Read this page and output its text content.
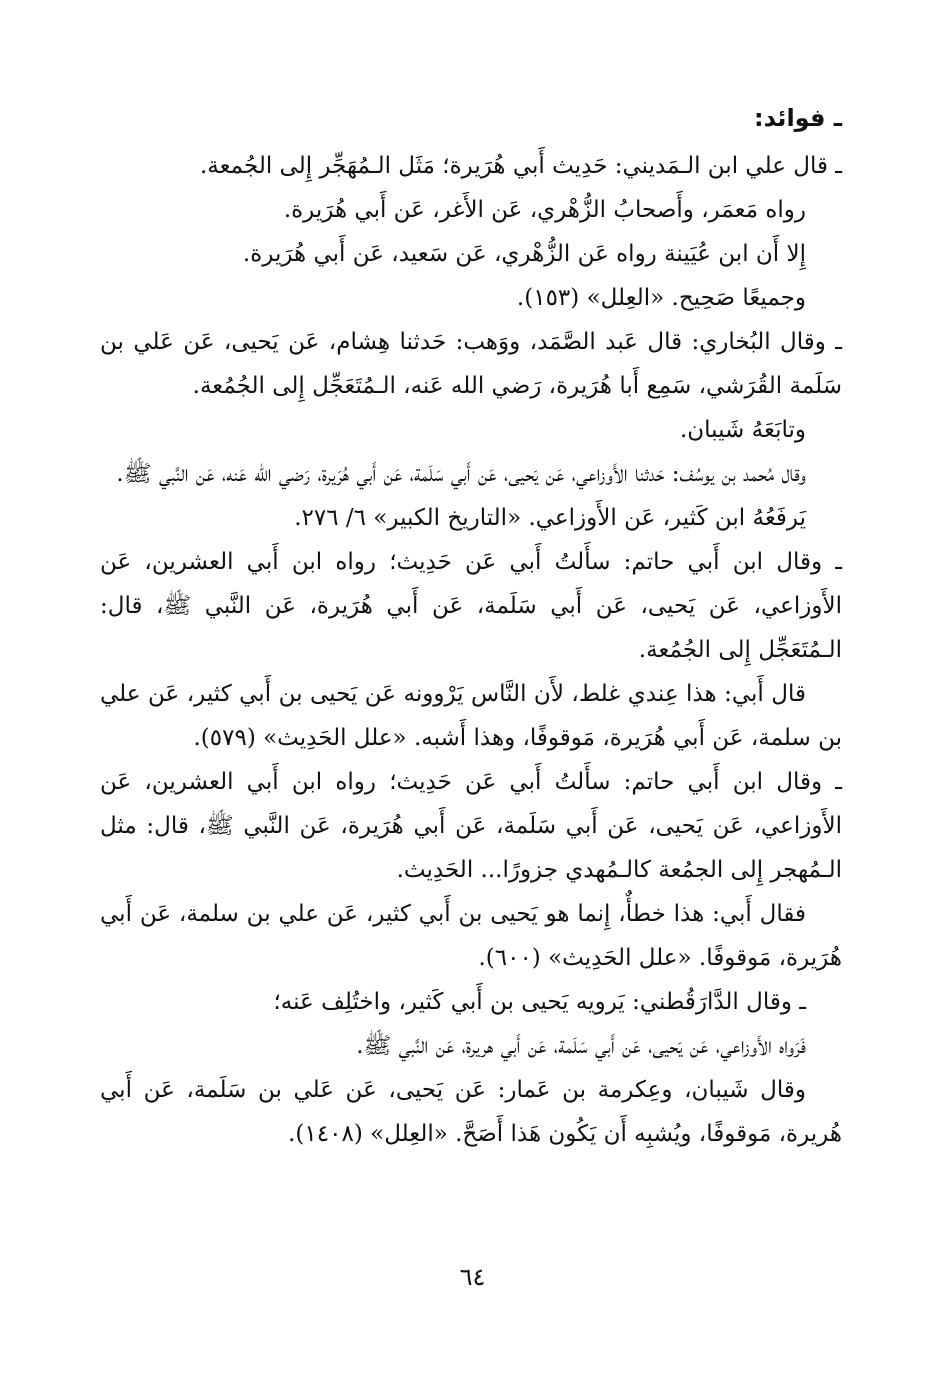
ـ فوائد:

ـ قال علي ابن الـمَديني: حَدِيث أَبي هُرَيرة؛ مَثَل الـمُهَجِّر إِلى الجُمعة.

رواه مَعمَر، وأَصحابُ الزُّهْري، عَن الأَغر، عَن أَبي هُرَيرة.

إِلا أَن ابن عُيَينة رواه عَن الزُّهْري، عَن سَعيد، عَن أَبي هُرَيرة.

وجميعًا صَحِيح. «العِلل» (١٥٣).

ـ وقال البُخاري: قال عَبد الصَّمَد، ووَهب: حَدثنا هِشام، عَن يَحيى، عَن عَلي بن سَلَمة القُرَشي، سَمِع أَبا هُرَيرة، رَضي الله عَنه، الـمُتَعَجِّل إِلى الجُمُعة.

وتابَعَهُ شَيبان.

وقال مُحمد بن يوسُف: حَدثنا الأَوزاعي، عَن يَحيى، عَن أَبي سَلَمة، عَن أَبي هُرَيرة، رَضي الله عَنه، عَن النَّبي ﷺ.

يَرفَعُهُ ابن كَثير، عَن الأَوزاعي. «التاريخ الكبير» ٦/ ٢٧٦.

ـ وقال ابن أَبي حاتم: سأَلتُ أَبي عَن حَدِيث؛ رواه ابن أَبي العشرين، عَن الأَوزاعي، عَن يَحيى، عَن أَبي سَلَمة، عَن أَبي هُرَيرة، عَن النَّبي ﷺ، قال: الـمُتَعَجِّل إِلى الجُمُعة.

قال أَبي: هذا عِندي غلط، لأَن النَّاس يَرْوونه عَن يَحيى بن أَبي كثير، عَن علي بن سلمة، عَن أَبي هُرَيرة، مَوقوفًا، وهذا أَشبه. «علل الحَدِيث» (٥٧٩).

ـ وقال ابن أَبي حاتم: سأَلتُ أَبي عَن حَدِيث؛ رواه ابن أَبي العشرين، عَن الأَوزاعي، عَن يَحيى، عَن أَبي سَلَمة، عَن أَبي هُرَيرة، عَن النَّبي ﷺ، قال: مثل الـمُهجر إِلى الجمُعة كالـمُهدي جزورًا... الحَدِيث.

فقال أَبي: هذا خطأٌ، إِنما هو يَحيى بن أَبي كثير، عَن علي بن سلمة، عَن أَبي هُرَيرة، مَوقوفًا. «علل الحَدِيث» (٦٠٠).

ـ وقال الدَّارَقُطني: يَرويه يَحيى بن أَبي كَثير، واختُلِف عَنه؛

فَرَواه الأَوزاعي، عَن يَحيى، عَن أَبي سَلَمة، عَن أَبي هريرة، عَن النَّبي ﷺ.

وقال شَيبان، وعِكرمة بن عَمار: عَن يَحيى، عَن عَلي بن سَلَمة، عَن أَبي هُريرة، مَوقوفًا، ويُشبِه أَن يَكُون هَذا أَصَحَّ. «العِلل» (١٤٠٨).

٦٤
